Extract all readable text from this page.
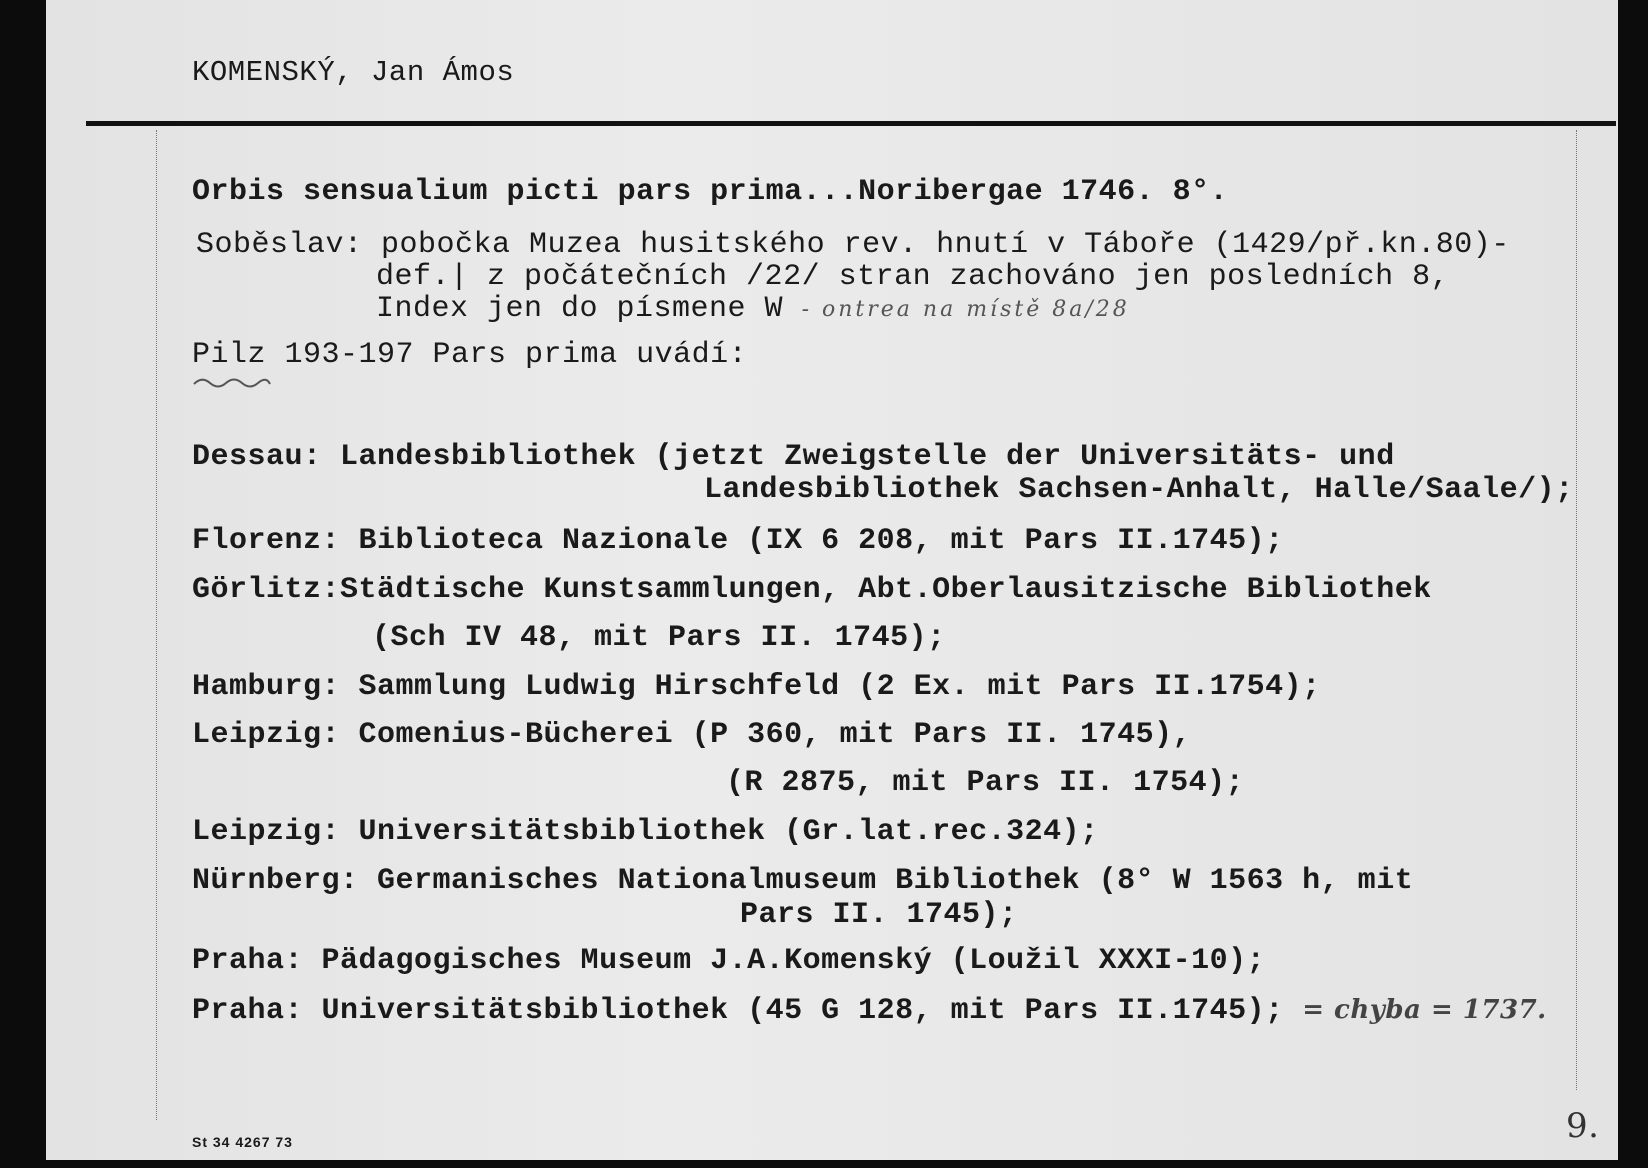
KOMENSKÝ, Jan Ámos
Orbis sensualium picti pars prima...Noribergae 1746. 8°.
Soběslav: pobočka Muzea husitského rev. hnutí v Táboře (1429/př.kn.80)-
def.| z počátečních /22/ stran zachováno jen posledních 8,
Index jen do písmene W - ontrea na místě 8a/28
Pilz 193-197 Pars prima uvádí:
Dessau: Landesbibliothek (jetzt Zweigstelle der Universitäts- und
Landesbibliothek Sachsen-Anhalt, Halle/Saale/);
Florenz: Biblioteca Nazionale (IX 6 208, mit Pars II.1745);
Görlitz:Städtische Kunstsammlungen, Abt.Oberlausitzische Bibliothek
(Sch IV 48, mit Pars II. 1745);
Hamburg: Sammlung Ludwig Hirschfeld (2 Ex. mit Pars II.1754);
Leipzig: Comenius-Bücherei (P 360, mit Pars II. 1745),
(R 2875, mit Pars II. 1754);
Leipzig: Universitätsbibliothek (Gr.lat.rec.324);
Nürnberg: Germanisches Nationalmuseum Bibliothek (8° W 1563 h, mit
Pars II. 1745);
Praha: Pädagogisches Museum J.A.Komenský (Loužil XXXI-10);
Praha: Universitätsbibliothek (45 G 128, mit Pars II.1745); = chyba = 1737.
St 34 4267 73	9.
